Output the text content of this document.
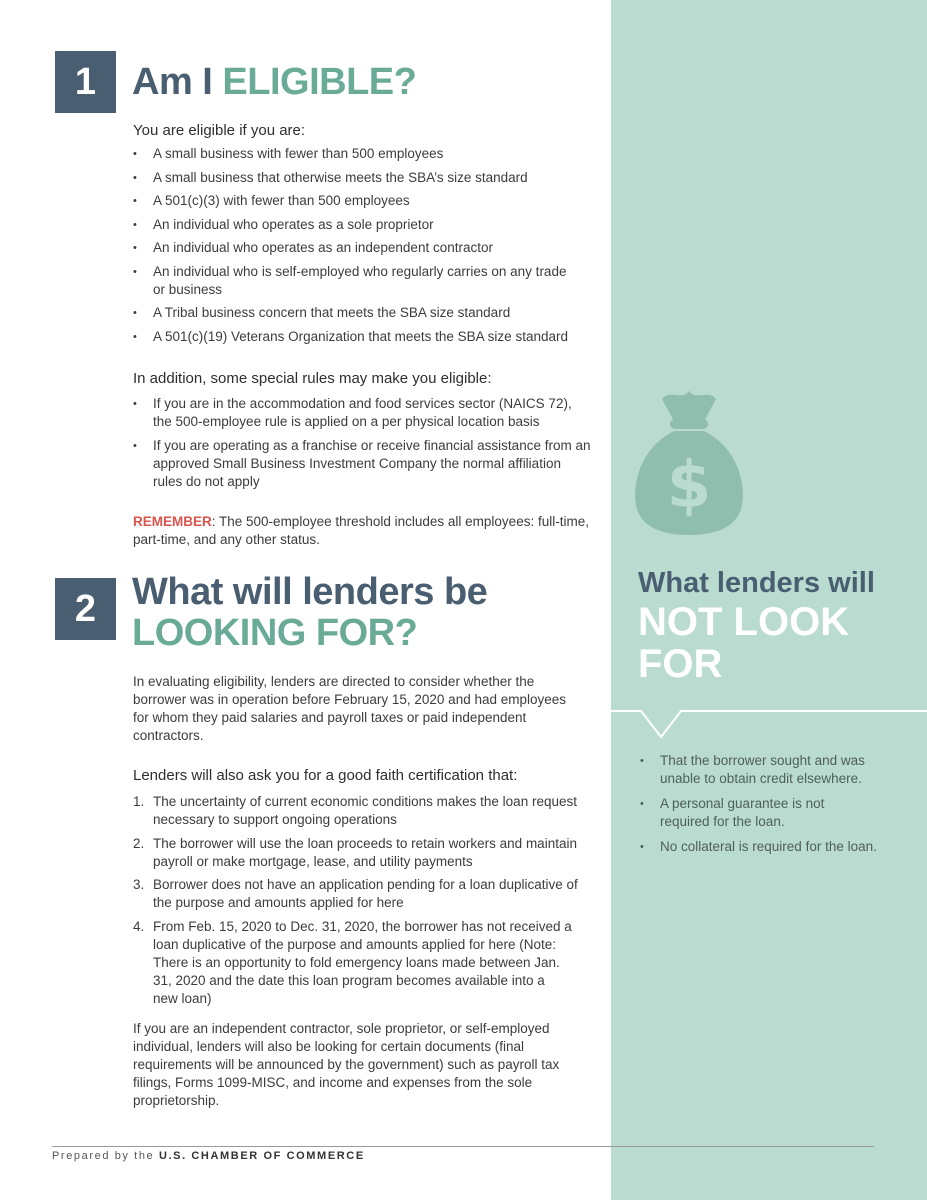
1 Am I ELIGIBLE?
You are eligible if you are:
• A small business with fewer than 500 employees
• A small business that otherwise meets the SBA’s size standard
• A 501(c)(3) with fewer than 500 employees
• An individual who operates as a sole proprietor
• An individual who operates as an independent contractor
• An individual who is self-employed who regularly carries on any trade or business
• A Tribal business concern that meets the SBA size standard
• A 501(c)(19) Veterans Organization that meets the SBA size standard
In addition, some special rules may make you eligible:
• If you are in the accommodation and food services sector (NAICS 72), the 500-employee rule is applied on a per physical location basis
• If you are operating as a franchise or receive financial assistance from an approved Small Business Investment Company the normal affiliation rules do not apply
REMEMBER: The 500-employee threshold includes all employees: full-time, part-time, and any other status.
2 What will lenders be
LOOKING FOR?
In evaluating eligibility, lenders are directed to consider whether the borrower was in operation before February 15, 2020 and had employees for whom they paid salaries and payroll taxes or paid independent contractors.
Lenders will also ask you for a good faith certification that:
1. The uncertainty of current economic conditions makes the loan request necessary to support ongoing operations
2. The borrower will use the loan proceeds to retain workers and maintain payroll or make mortgage, lease, and utility payments
3. Borrower does not have an application pending for a loan duplicative of the purpose and amounts applied for here
4. From Feb. 15, 2020 to Dec. 31, 2020, the borrower has not received a loan duplicative of the purpose and amounts applied for here (Note: There is an opportunity to fold emergency loans made between Jan. 31, 2020 and the date this loan program becomes available into a new loan)
If you are an independent contractor, sole proprietor, or self-employed individual, lenders will also be looking for certain documents (final requirements will be announced by the government) such as payroll tax filings, Forms 1099-MISC, and income and expenses from the sole proprietorship.
$
What lenders will
NOT LOOK
FOR
• That the borrower sought and was unable to obtain credit elsewhere.
• A personal guarantee is not required for the loan.
• No collateral is required for the loan.
Prepared by the U.S. CHAMBER OF COMMERCE
